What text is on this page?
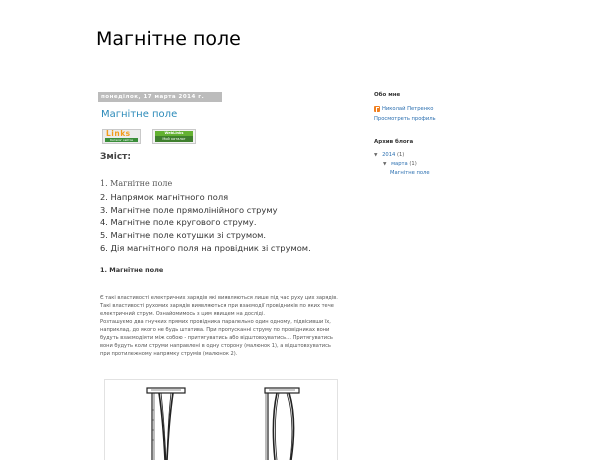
Магнітне поле
понеділок, 17 марта 2014 г.
Магнітне поле
Links
Каталог сайтов
WebLinks
Мой каталог
Зміст:
1. Магнітне поле
2. Напрямок магнітного поля
3. Магнітне поле прямолінійного струму
4. Магнітне поле кругового струму.
5. Магнітне поле котушки зі струмом.
6. Дія магнітного поля на провідник зі струмом.
1. Магнітне поле

Є такі властивості електричних зарядів які виявляються лише під час руху цих зарядів.

Такі властивості рухомих зарядів виявляються при взаємодії провідників по яких тече

електричний струм. Ознайомимось з цим явищем на досліді.

Розташуємо два гнучких прямих провідника паралельно один одному, підвісивши їх,

наприклад, до якого не будь штатива. При пропусканні струму по провідниках вони

будуть взаємодіяти між собою - притягуватись або відштовхуватись... Притягуватись

вони будуть коли струми направлені в одну сторону (малюнок 1), а відштовхуватись

при протилежному напрямку струмів (малюнок 2).

Обо мне
Николай Петренко
Просмотреть профиль
Архив блога
▼ 2014 (1)
▼ марта (1)
Магнітне поле
